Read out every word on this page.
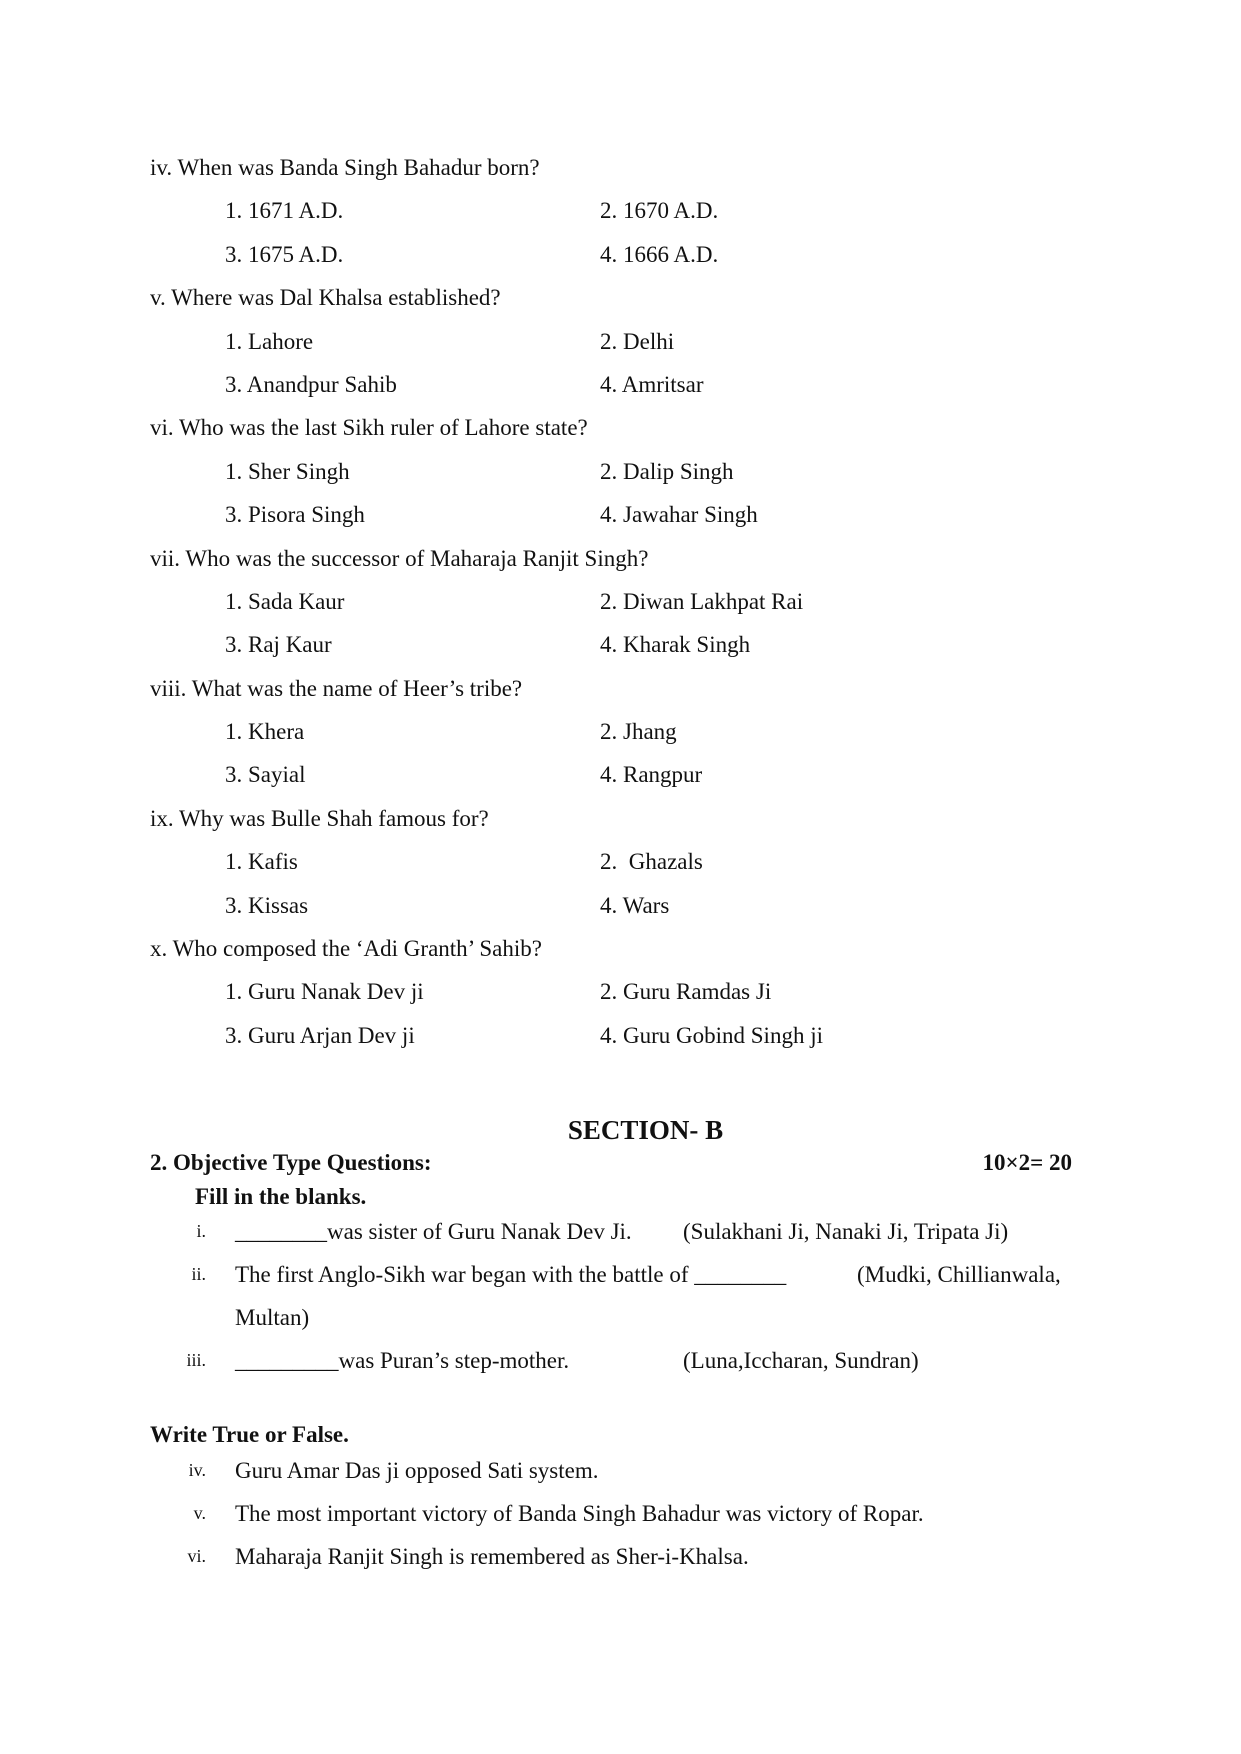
iv. When was Banda Singh Bahadur born?
1. 1671 A.D.	2. 1670 A.D.
3. 1675 A.D.	4. 1666 A.D.
v. Where was Dal Khalsa established?
1. Lahore	2. Delhi
3. Anandpur Sahib	4. Amritsar
vi. Who was the last Sikh ruler of Lahore state?
1. Sher Singh	2. Dalip Singh
3. Pisora Singh	4. Jawahar Singh
vii. Who was the successor of Maharaja Ranjit Singh?
1. Sada Kaur	2. Diwan Lakhpat Rai
3. Raj Kaur	4. Kharak Singh
viii. What was the name of Heer’s tribe?
1. Khera	2. Jhang
3. Sayial	4. Rangpur
ix. Why was Bulle Shah famous for?
1. Kafis	2.  Ghazals
3. Kissas	4. Wars
x. Who composed the ‘Adi Granth’ Sahib?
1. Guru Nanak Dev ji	2. Guru Ramdas Ji
3. Guru Arjan Dev ji	4. Guru Gobind Singh ji
SECTION- B
2. Objective Type Questions:	10×2= 20
Fill in the blanks.
i. ________was sister of Guru Nanak Dev Ji. (Sulakhani Ji, Nanaki Ji, Tripata Ji)
ii. The first Anglo-Sikh war began with the battle of ________	(Mudki, Chillianwala,
Multan)
iii. _________was Puran’s step-mother.	(Luna,Iccharan, Sundran)
Write True or False.
iv. Guru Amar Das ji opposed Sati system.
v. The most important victory of Banda Singh Bahadur was victory of Ropar.
vi. Maharaja Ranjit Singh is remembered as Sher-i-Khalsa.
